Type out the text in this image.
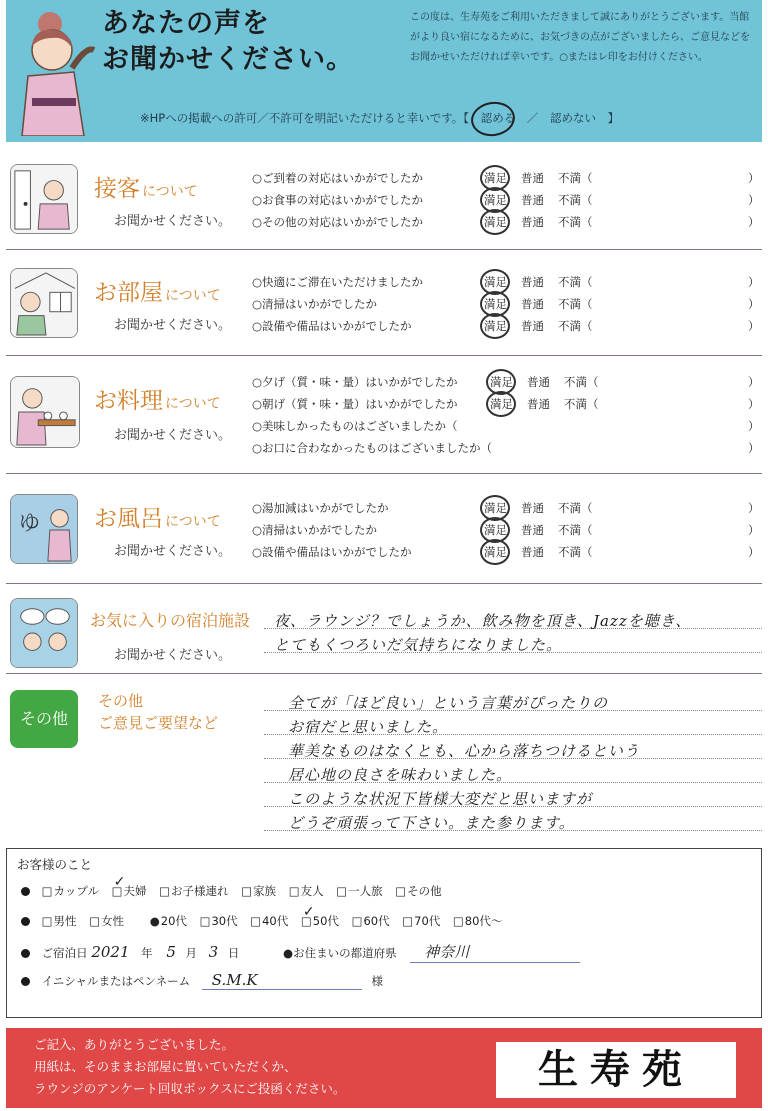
あなたの声を
お聞かせください。
この度は、生寿苑をご利用いただきまして誠にありがとうございます。当館がより良い宿になるために、お気づきの点がございましたら、ご意見などをお聞かせいただければ幸いです。○またはレ印をお付けください。
※HPへの掲載への許可／不許可を明記いただけると幸いです。【 認める ／ 認めない 】
接客 について
お聞かせください。
○ご到着の対応はいかがでしたか	満足 普通 不満（	）
○お食事の対応はいかがでしたか	満足 普通 不満（	）
○その他の対応はいかがでしたか	満足 普通 不満（	）
お部屋 について
お聞かせください。
○快適にご滞在いただけましたか	満足 普通 不満（	）
○清掃はいかがでしたか	満足 普通 不満（	）
○設備や備品はいかがでしたか	満足 普通 不満（	）
お料理 について
お聞かせください。
○夕げ（質・味・量）はいかがでしたか	満足 普通 不満（	）
○朝げ（質・味・量）はいかがでしたか	満足 普通 不満（	）
○美味しかったものはございましたか（	）
○お口に合わなかったものはございましたか（	）
ゆ お風呂 について
お聞かせください。
○湯加減はいかがでしたか	満足 普通 不満（	）
○清掃はいかがでしたか	満足 普通 不満（	）
○設備や備品はいかがでしたか	満足 普通 不満（	）
お気に入りの宿泊施設
お聞かせください。
夜、ラウンジ？でしょうか、飲み物を頂き、Jazzを聴き、
とてもくつろいだ気持ちになりました。
その他
その他
ご意見ご要望など
全てが「ほど良い」という言葉がぴったりの
お宿だと思いました。
華美なものはなくとも、心から落ちつけるという
居心地の良さを味わいました。
このような状況下皆様大変だと思いますが
どうぞ頑張って下さい。また参ります。
お客様のこと
□ カップル □ 夫婦 ✓ □ お子様連れ □ 家族 □ 友人 □ 一人旅 □ その他
□ 男性 □ 女性	● 20代 □ 30代 □ 40代 □ 50代 ✓ □ 60代 □ 70代 □ 80代〜
ご宿泊日 2021 年 5 月 3 日	●お住まいの都道府県 神奈川
イニシャルまたはペンネーム S.M.K	様
ご記入、ありがとうございました。
用紙は、そのままお部屋に置いていただくか、
ラウンジのアンケート回収ボックスにご投函ください。	生寿苑
